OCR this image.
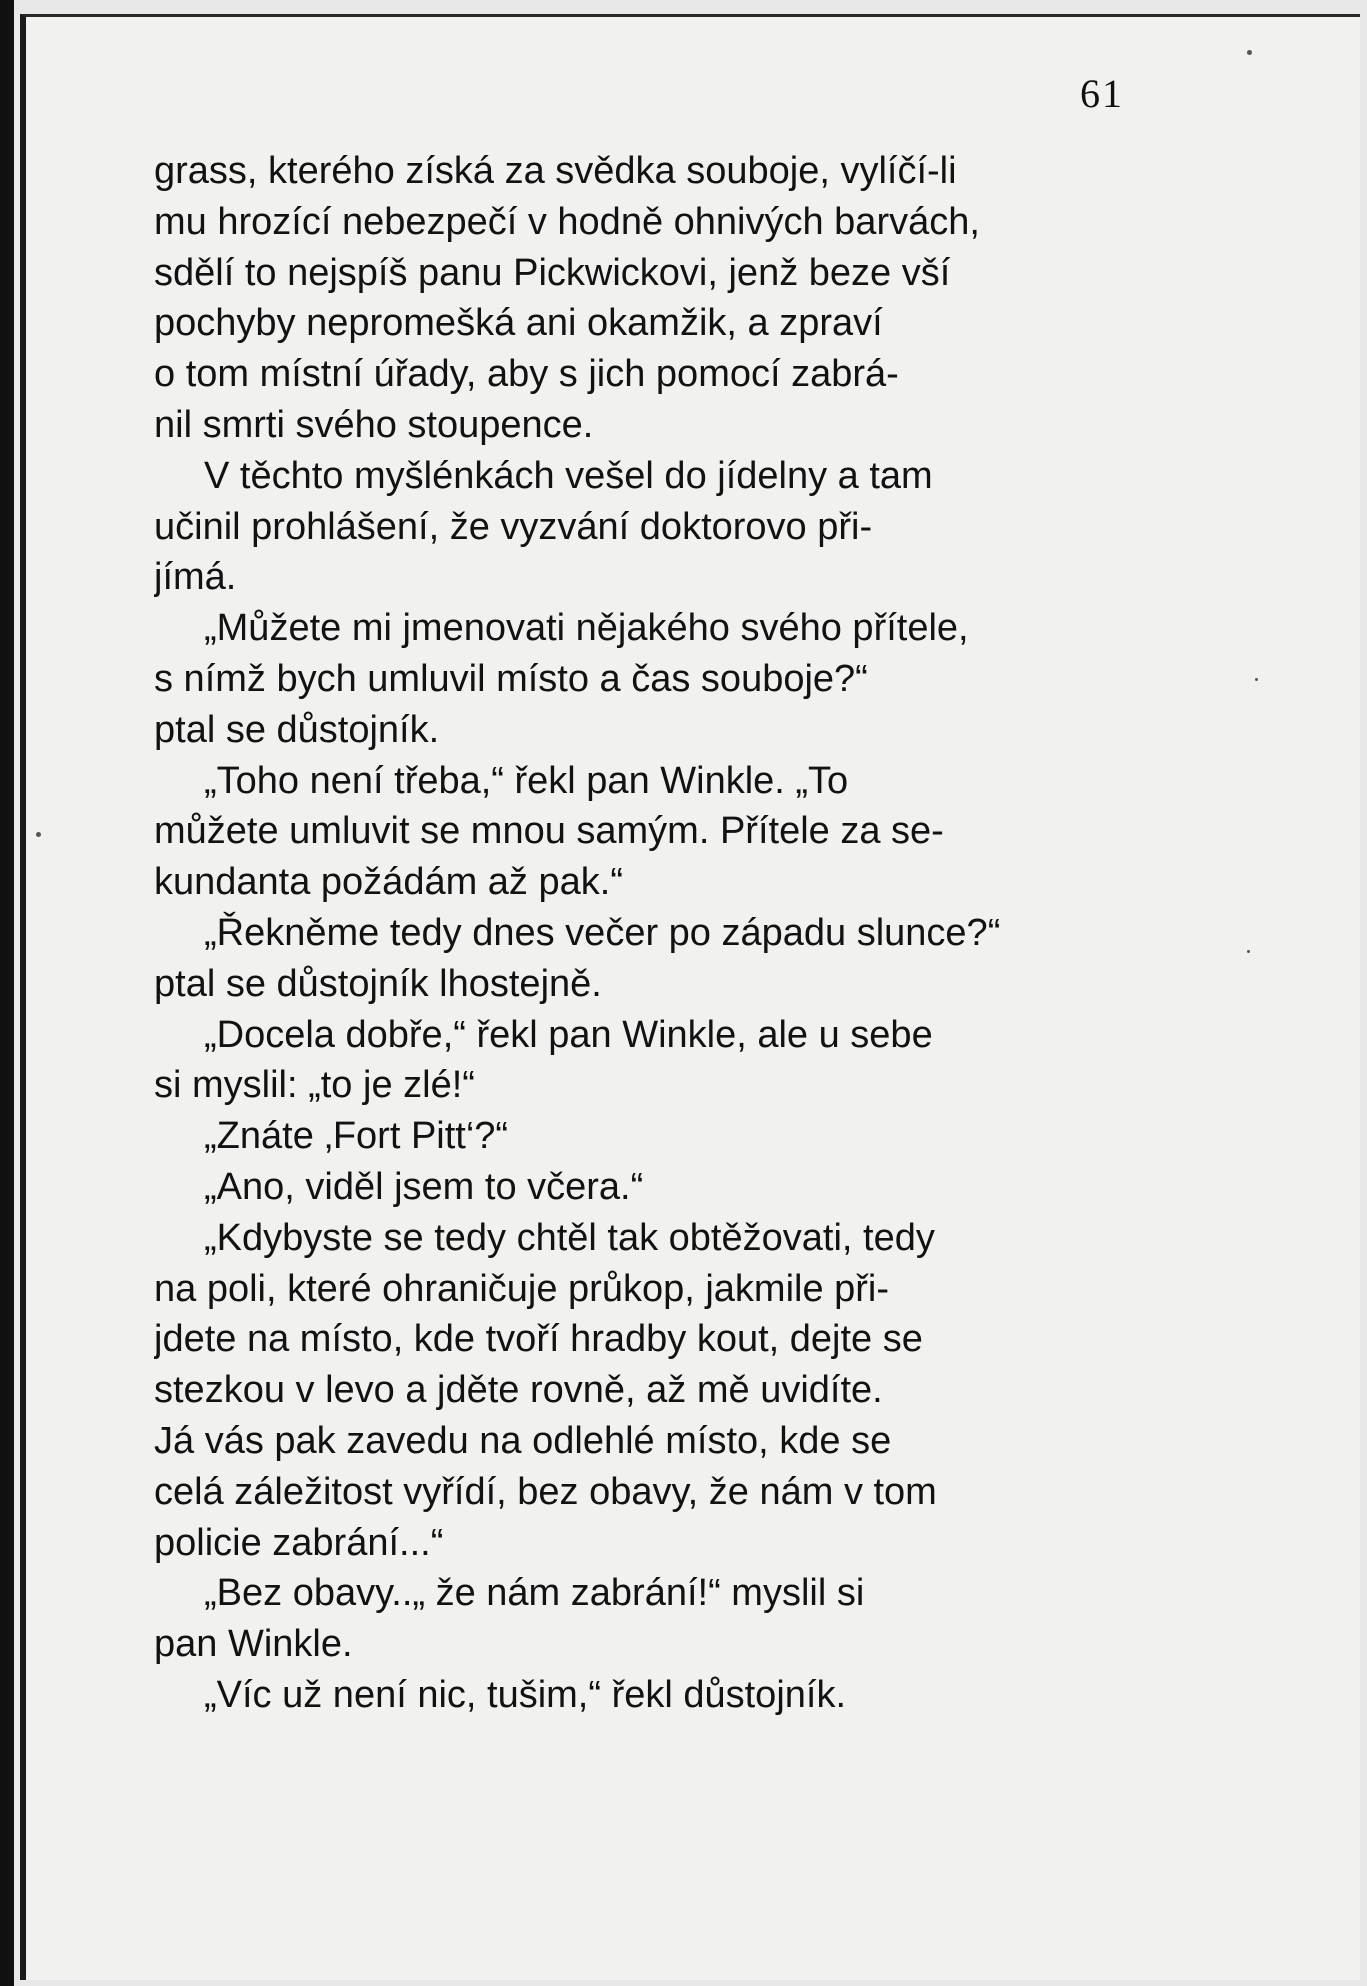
61
grass, kterého získá za svědka souboje, vylíčí-li
mu hrozící nebezpečí v hodně ohnivých barvách,
sdělí to nejspíš panu Pickwickovi, jenž beze vší
pochyby nepromešká ani okamžik, a zpraví
o tom místní úřady, aby s jich pomocí zabrá-
nil smrti svého stoupence.
V těchto myšlénkách vešel do jídelny a tam
učinil prohlášení, že vyzvání doktorovo při-
jímá.
„Můžete mi jmenovati nějakého svého přítele,
s nímž bych umluvil místo a čas souboje?“
ptal se důstojník.
„Toho není třeba,“ řekl pan Winkle. „To
můžete umluvit se mnou samým. Přítele za se-
kundanta požádám až pak.“
„Řekněme tedy dnes večer po západu slunce?“
ptal se důstojník lhostejně.
„Docela dobře,“ řekl pan Winkle, ale u sebe
si myslil: „to je zlé!“
„Znáte ‚Fort Pitt‘?“
„Ano, viděl jsem to včera.“
„Kdybyste se tedy chtěl tak obtěžovati, tedy
na poli, které ohraničuje průkop, jakmile při-
jdete na místo, kde tvoří hradby kout, dejte se
stezkou v levo a jděte rovně, až mě uvidíte.
Já vás pak zavedu na odlehlé místo, kde se
celá záležitost vyřídí, bez obavy, že nám v tom
policie zabrání...“
„Bez obavy..„ že nám zabrání!“ myslil si
pan Winkle.
„Víc už není nic, tušim,“ řekl důstojník.
